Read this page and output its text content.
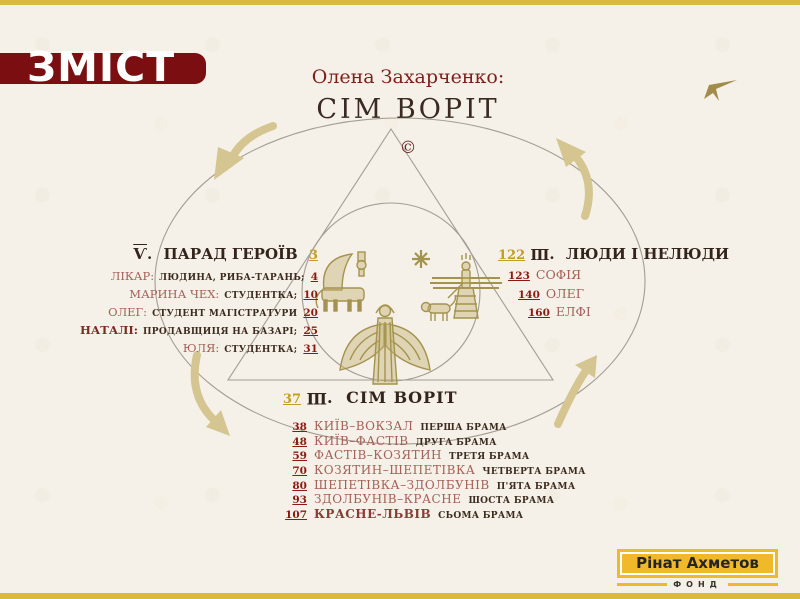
ЗМІСТ	Олена Захарченко:
СІМ ВОРІТ
©
Ѵ. ПАРАД ГЕРОЇВ 3
ЛІКАР: ЛЮДИНА, РИБА-ТАРАНЬ; 4
МАРИНА ЧЕХ: СТУДЕНТКА; 10
ОЛЕГ: СТУДЕНТ МАГІСТРАТУРИ 20
НАТАЛІ: ПРОДАВЩИЦЯ НА БАЗАРІ; 25
ЮЛЯ: СТУДЕНТКА; 31
122 Ш. ЛЮДИ І НЕЛЮДИ
123 СОФІЯ
140 ОЛЕГ
160 ЕЛФІ
37 Ш. СІМ ВОРІТ
38 КИЇВ–ВОКЗАЛ ПЕРША БРАМА
48 КИЇВ–ФАСТІВ ДРУГА БРАМА
59 ФАСТІВ–КОЗЯТИН ТРЕТЯ БРАМА
70 КОЗЯТИН–ШЕПЕТІВКА ЧЕТВЕРТА БРАМА
80 ШЕПЕТІВКА–ЗДОЛБУНІВ П'ЯТА БРАМА
93 ЗДОЛБУНІВ–КРАСНЕ ШОСТА БРАМА
107 КРАСНЕ-ЛЬВІВ СЬОМА БРАМА
Рінат Ахметов
ФОНД
